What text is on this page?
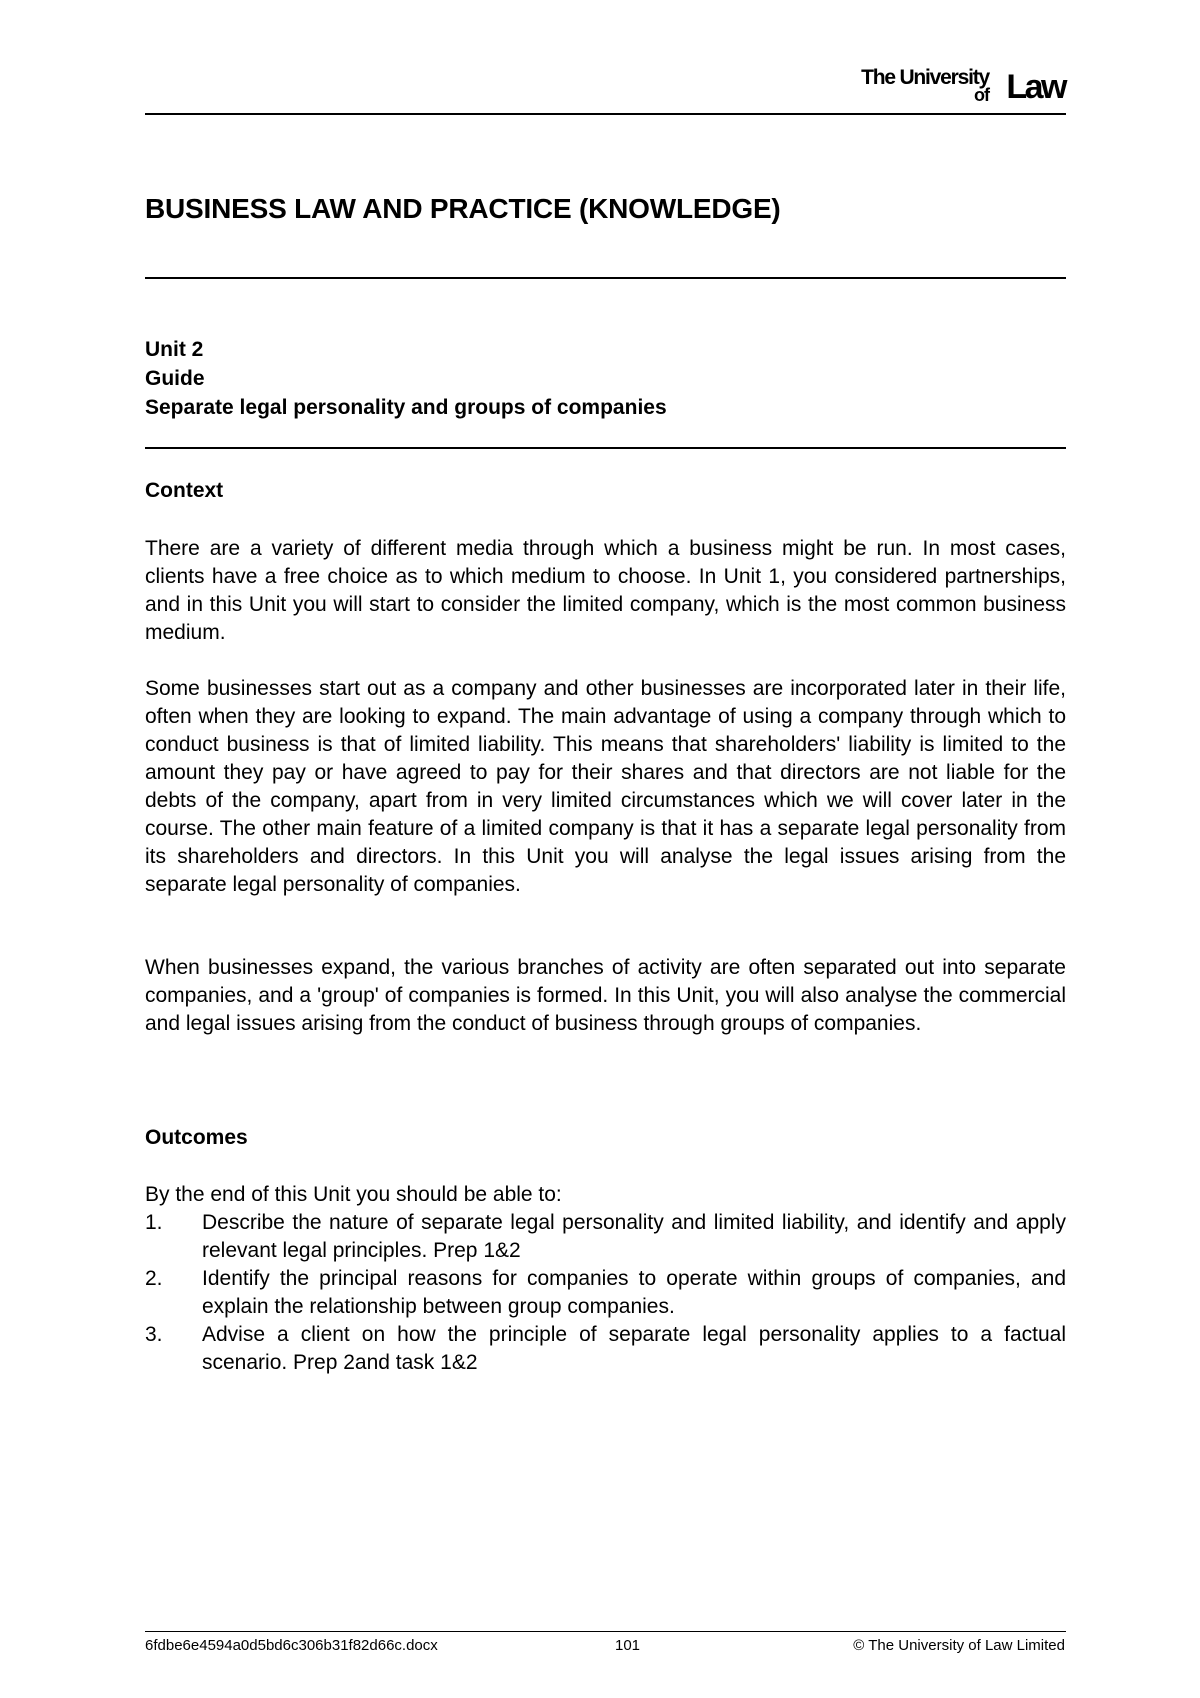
The University
of Law
BUSINESS LAW AND PRACTICE (KNOWLEDGE)
Unit 2
Guide
Separate legal personality and groups of companies
Context

There are a variety of different media through which a business might be run. In most cases, clients have a free choice as to which medium to choose. In Unit 1, you considered partnerships, and in this Unit you will start to consider the limited company, which is the most common business medium.

Some businesses start out as a company and other businesses are incorporated later in their life, often when they are looking to expand. The main advantage of using a company through which to conduct business is that of limited liability. This means that shareholders' liability is limited to the amount they pay or have agreed to pay for their shares and that directors are not liable for the debts of the company, apart from in very limited circumstances which we will cover later in the course. The other main feature of a limited company is that it has a separate legal personality from its shareholders and directors. In this Unit you will analyse the legal issues arising from the separate legal personality of companies.

When businesses expand, the various branches of activity are often separated out into separate companies, and a 'group' of companies is formed. In this Unit, you will also analyse the commercial and legal issues arising from the conduct of business through groups of companies.

Outcomes
By the end of this Unit you should be able to:
1.	Describe the nature of separate legal personality and limited liability, and identify and apply relevant legal principles. Prep 1&2
2.	Identify the principal reasons for companies to operate within groups of companies, and explain the relationship between group companies.
3.	Advise a client on how the principle of separate legal personality applies to a factual scenario. Prep 2and task 1&2
6fdbe6e4594a0d5bd6c306b31f82d66c.docx	101	© The University of Law Limited
